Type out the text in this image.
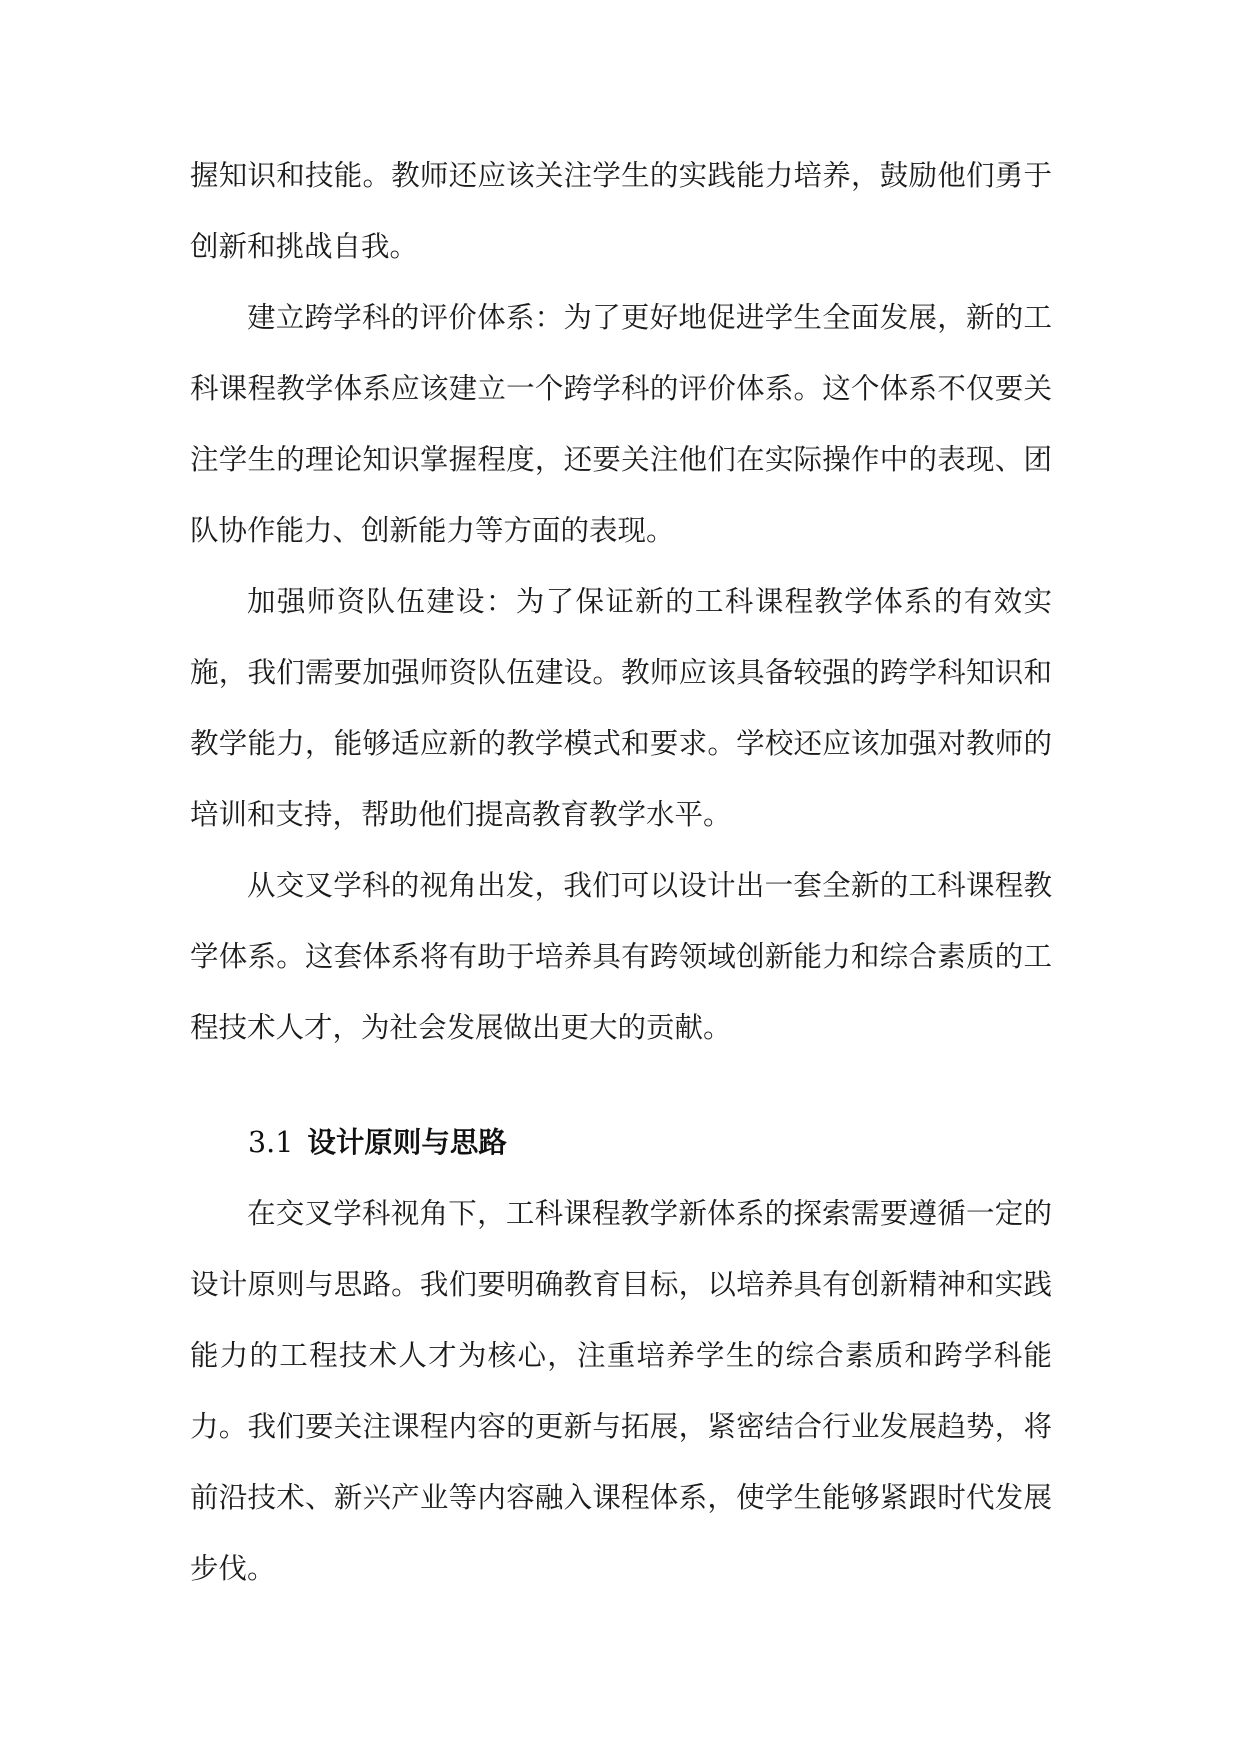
握知识和技能。教师还应该关注学生的实践能力培养，鼓励他们勇于创新和挑战自我。

建立跨学科的评价体系：为了更好地促进学生全面发展，新的工科课程教学体系应该建立一个跨学科的评价体系。这个体系不仅要关注学生的理论知识掌握程度，还要关注他们在实际操作中的表现、团队协作能力、创新能力等方面的表现。

加强师资队伍建设：为了保证新的工科课程教学体系的有效实施，我们需要加强师资队伍建设。教师应该具备较强的跨学科知识和教学能力，能够适应新的教学模式和要求。学校还应该加强对教师的培训和支持，帮助他们提高教育教学水平。

从交叉学科的视角出发，我们可以设计出一套全新的工科课程教学体系。这套体系将有助于培养具有跨领域创新能力和综合素质的工程技术人才，为社会发展做出更大的贡献。

3.1 设计原则与思路

在交叉学科视角下，工科课程教学新体系的探索需要遵循一定的设计原则与思路。我们要明确教育目标，以培养具有创新精神和实践能力的工程技术人才为核心，注重培养学生的综合素质和跨学科能力。我们要关注课程内容的更新与拓展，紧密结合行业发展趋势，将前沿技术、新兴产业等内容融入课程体系，使学生能够紧跟时代发展步伐。
